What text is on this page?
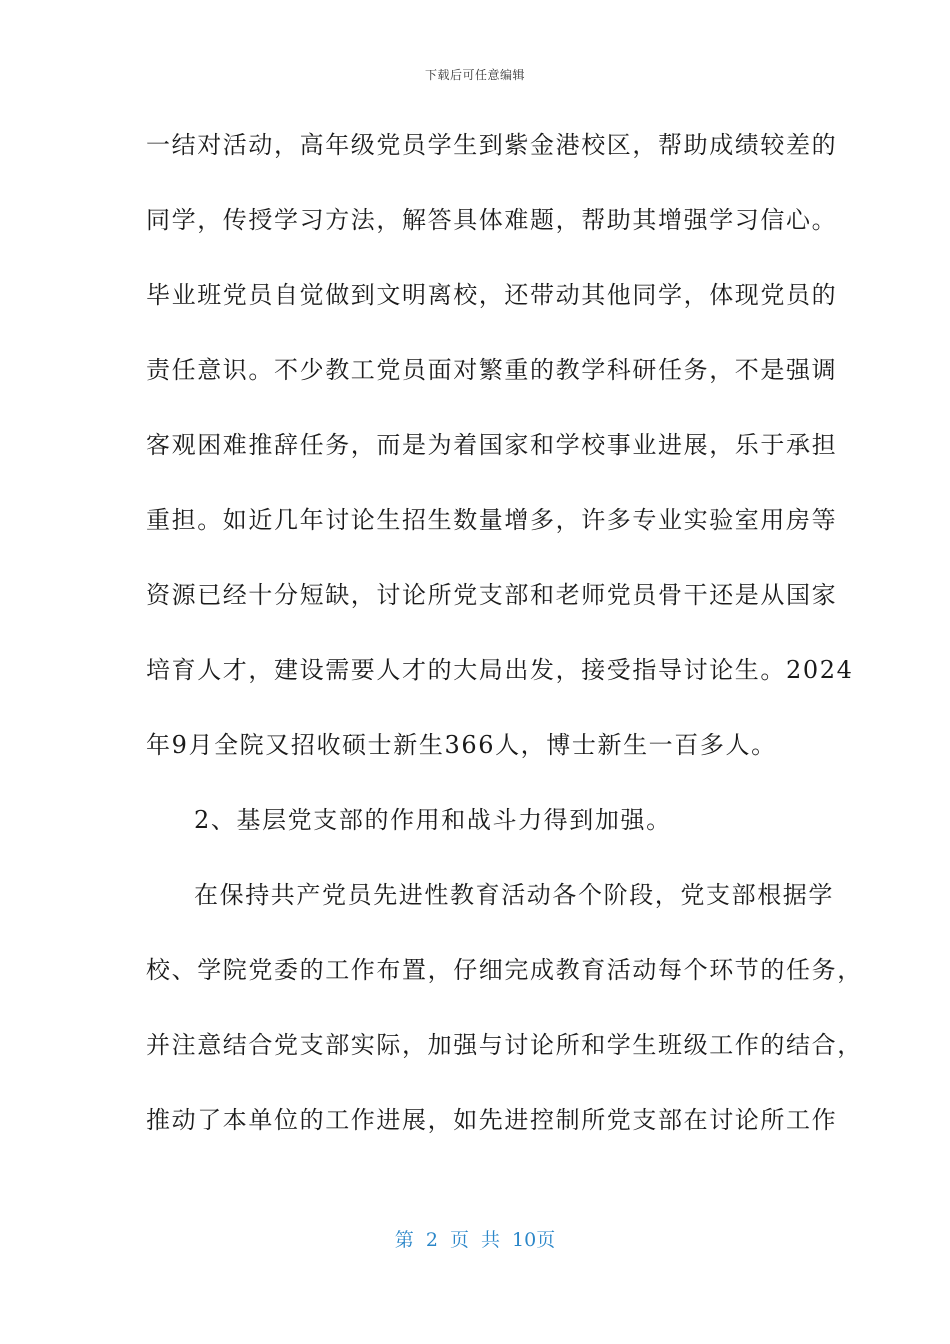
下载后可任意编辑
一结对活动，高年级党员学生到紫金港校区，帮助成绩较差的
同学，传授学习方法，解答具体难题，帮助其增强学习信心。
毕业班党员自觉做到文明离校，还带动其他同学，体现党员的
责任意识。不少教工党员面对繁重的教学科研任务，不是强调
客观困难推辞任务，而是为着国家和学校事业进展，乐于承担
重担。如近几年讨论生招生数量增多，许多专业实验室用房等
资源已经十分短缺，讨论所党支部和老师党员骨干还是从国家
培育人才，建设需要人才的大局出发，接受指导讨论生。2024
年9月全院又招收硕士新生366人，博士新生一百多人。
2、基层党支部的作用和战斗力得到加强。
在保持共产党员先进性教育活动各个阶段，党支部根据学
校、学院党委的工作布置，仔细完成教育活动每个环节的任务，
并注意结合党支部实际，加强与讨论所和学生班级工作的结合，
推动了本单位的工作进展，如先进控制所党支部在讨论所工作
第 2 页 共 10页
